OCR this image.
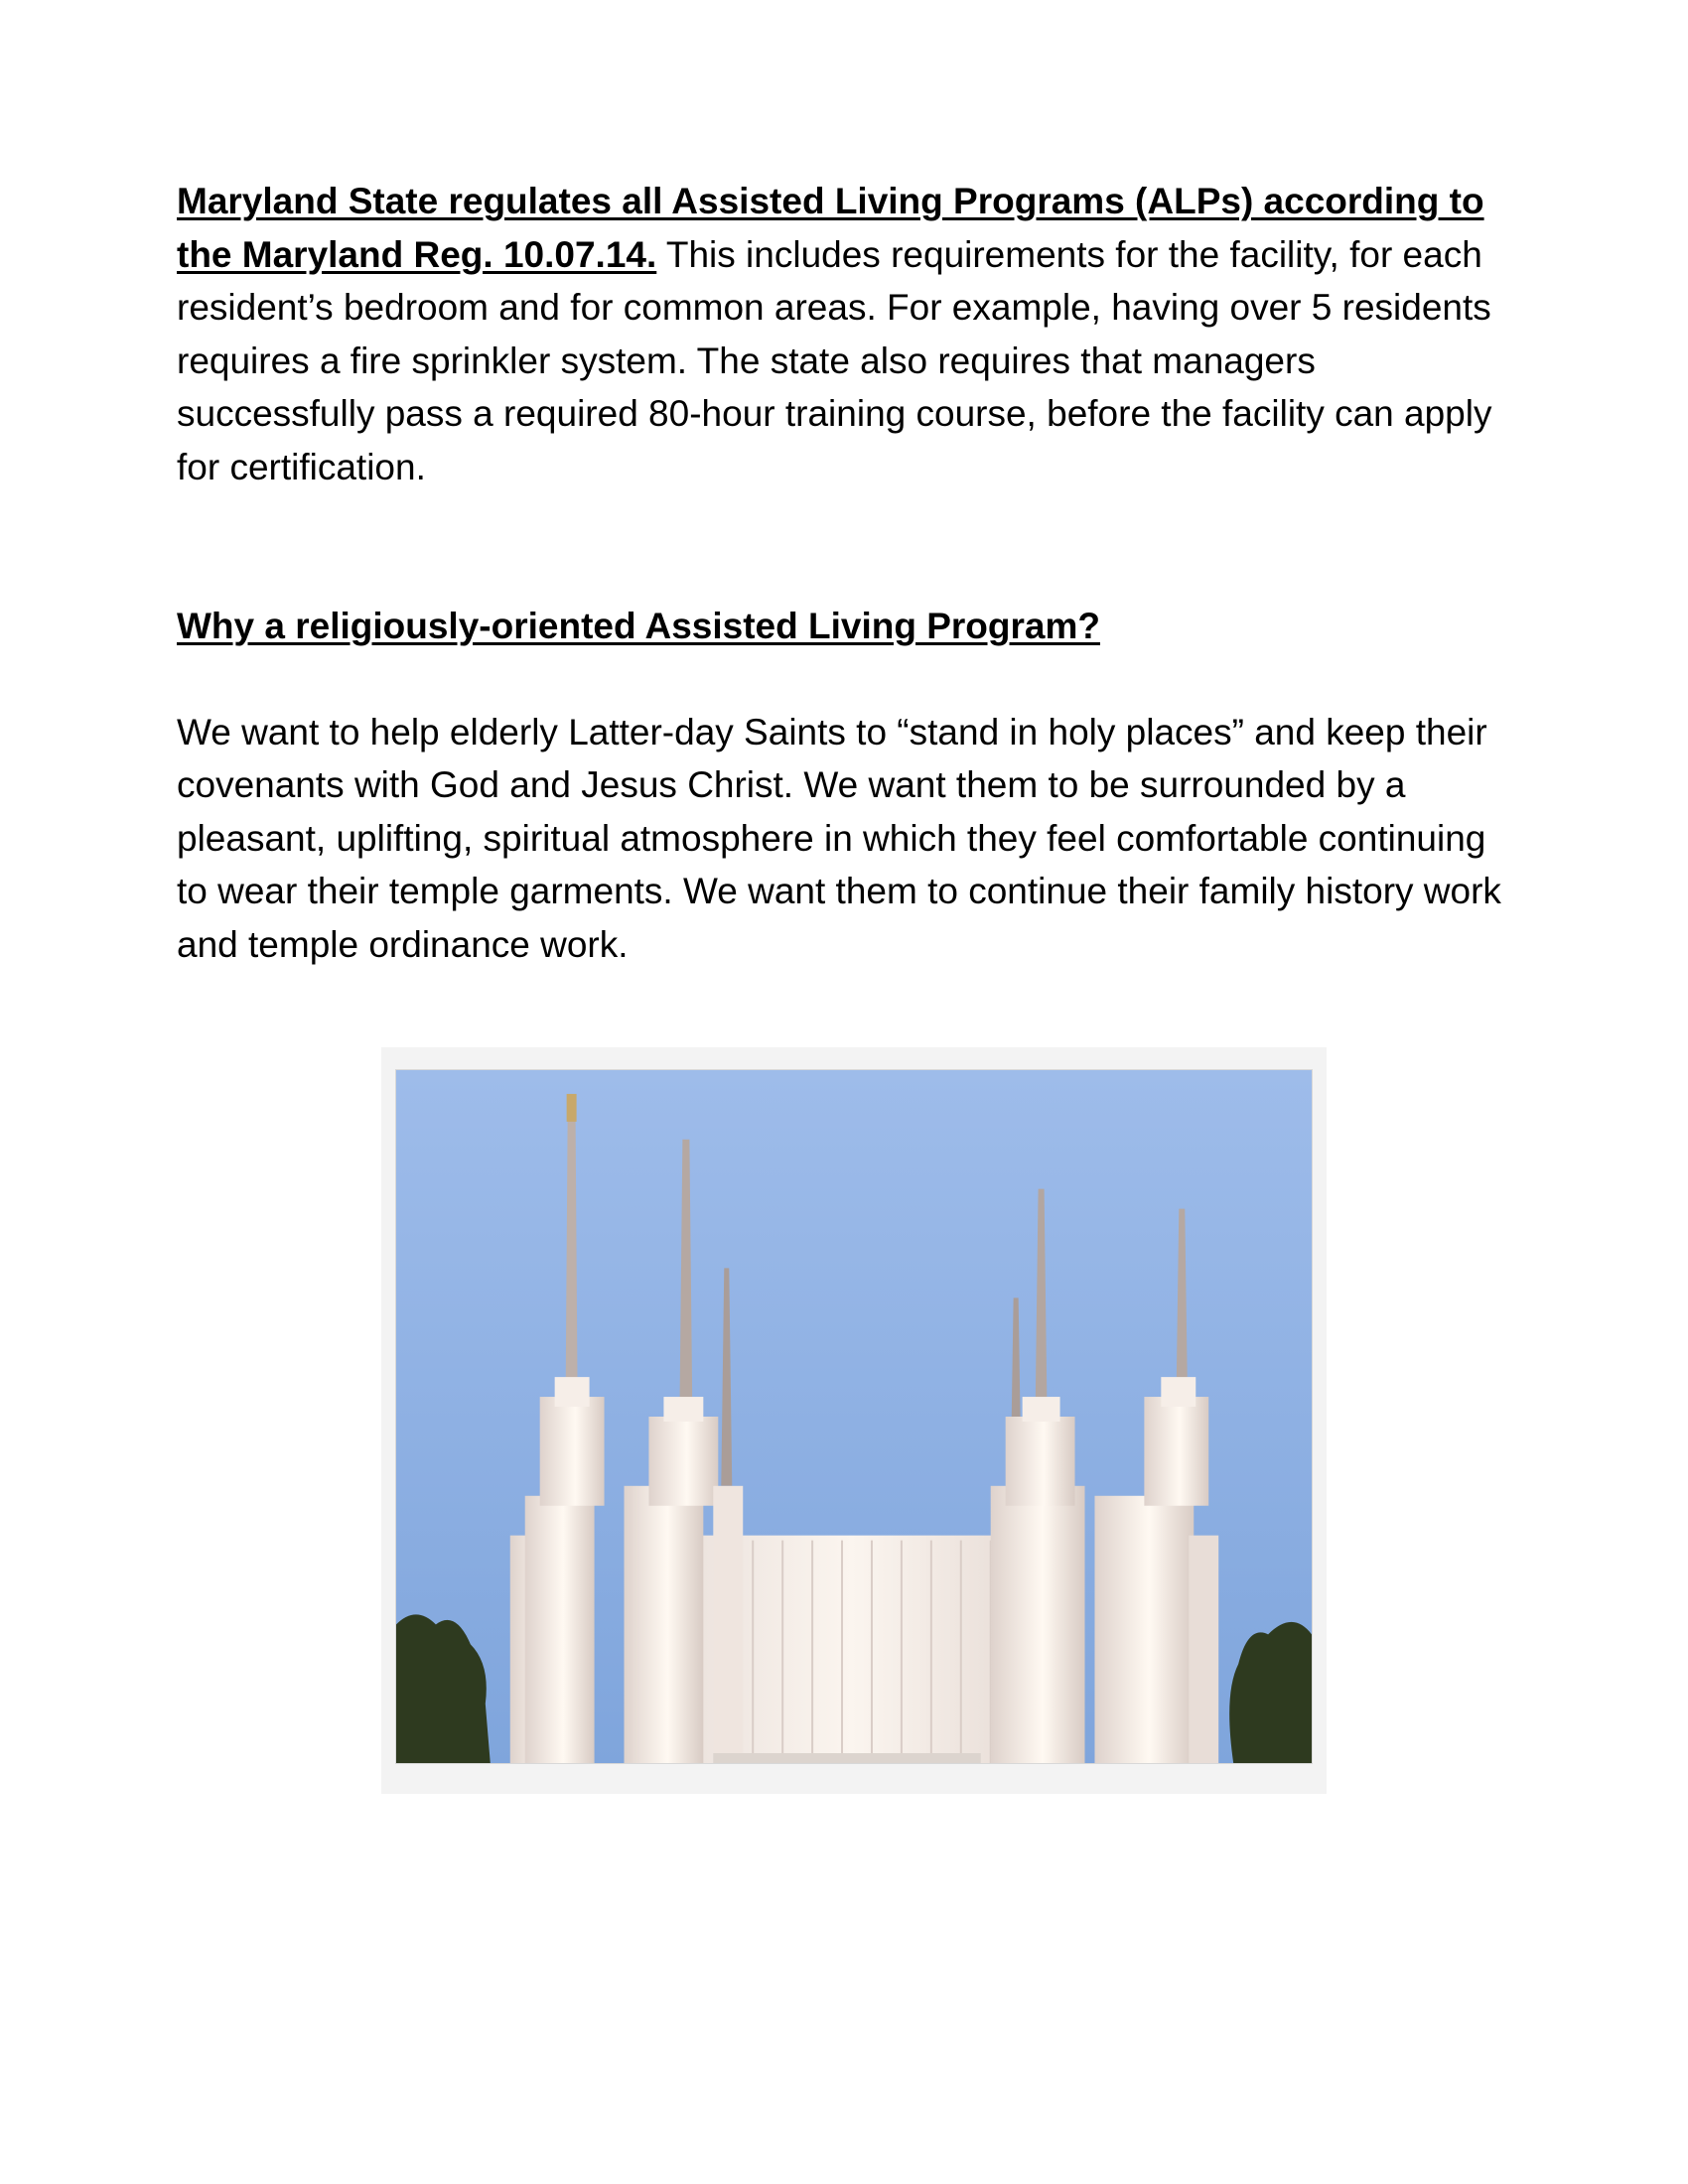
Maryland State regulates all Assisted Living Programs (ALPs) according to the Maryland Reg. 10.07.14. This includes requirements for the facility, for each resident’s bedroom and for common areas. For example, having over 5 residents requires a fire sprinkler system. The state also requires that managers successfully pass a required 80-hour training course, before the facility can apply for certification.

Why a religiously-oriented Assisted Living Program?

We want to help elderly Latter-day Saints to “stand in holy places” and keep their covenants with God and Jesus Christ. We want them to be surrounded by a pleasant, uplifting, spiritual atmosphere in which they feel comfortable continuing to wear their temple garments. We want them to continue their family history work and temple ordinance work.
